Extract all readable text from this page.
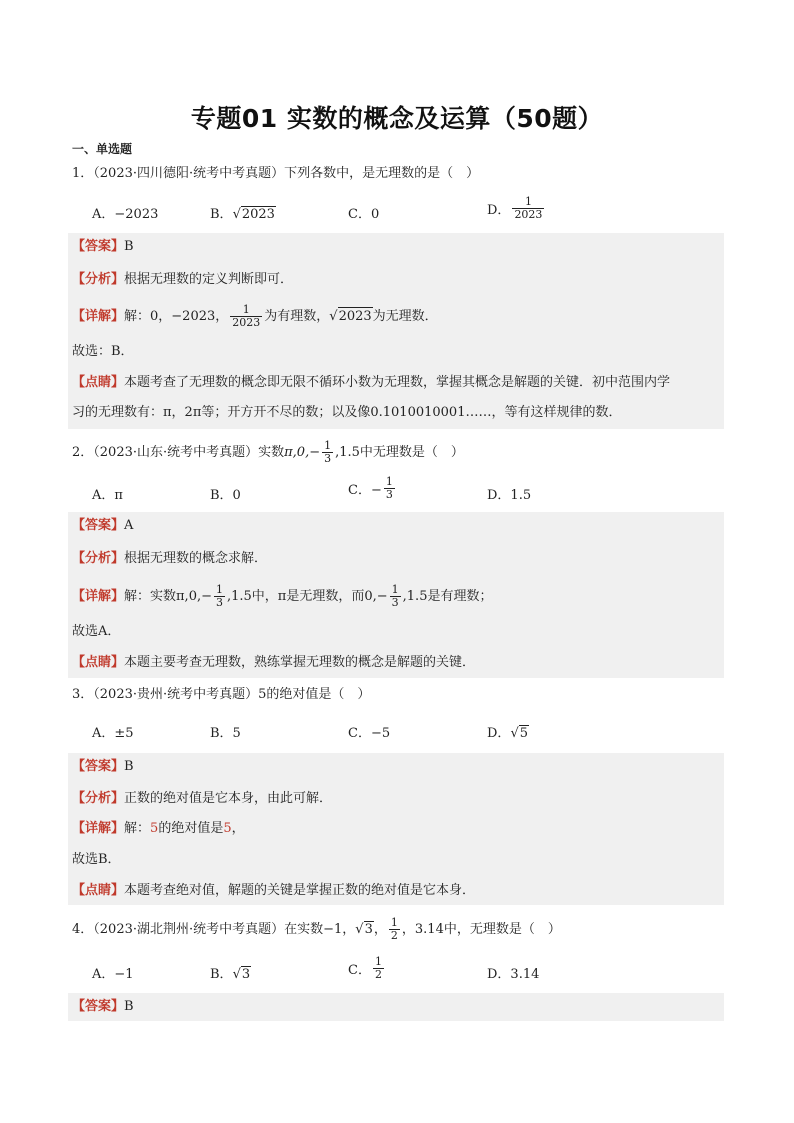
专题01 实数的概念及运算（50题）
一、单选题
1．（2023·四川德阳·统考中考真题）下列各数中，是无理数的是（　）
A．−2023	B．√2023	C．0	D． $\frac{1}{2023}$
【答案】B
【分析】根据无理数的定义判断即可．
【详解】解：0，−2023， $\frac{1}{2023}$ 为有理数，√2023为无理数．
故选：B．
【点睛】本题考查了无理数的概念即无限不循环小数为无理数，掌握其概念是解题的关键．初中范围内学
习的无理数有：π，2π等；开方开不尽的数；以及像0.1010010001……，等有这样规律的数．
2．（2023·山东·统考中考真题）实数$\pi,0,- \frac{1}{3} ,1.5$中无理数是（　）
A．π	B．0	C．− $\frac{1}{3}$	D．1.5
【答案】A
【分析】根据无理数的概念求解．
【详解】解：实数$\pi,0,- \frac{1}{3} ,1.5$中，π是无理数，而$0,- \frac{1}{3} ,1.5$是有理数；
故选A．
【点睛】本题主要考查无理数，熟练掌握无理数的概念是解题的关键．
3．（2023·贵州·统考中考真题）5的绝对值是（　）
A．±5	B．5	C．−5	D．√5
【答案】B
【分析】正数的绝对值是它本身，由此可解．
【详解】解：5的绝对值是5，
故选B．
【点睛】本题考查绝对值，解题的关键是掌握正数的绝对值是它本身．
4．（2023·湖北荆州·统考中考真题）在实数−1，√3， $\frac{1}{2}$ ，3.14中，无理数是（　）
A．−1	B．√3	C． $\frac{1}{2}$	D．3.14
【答案】B
